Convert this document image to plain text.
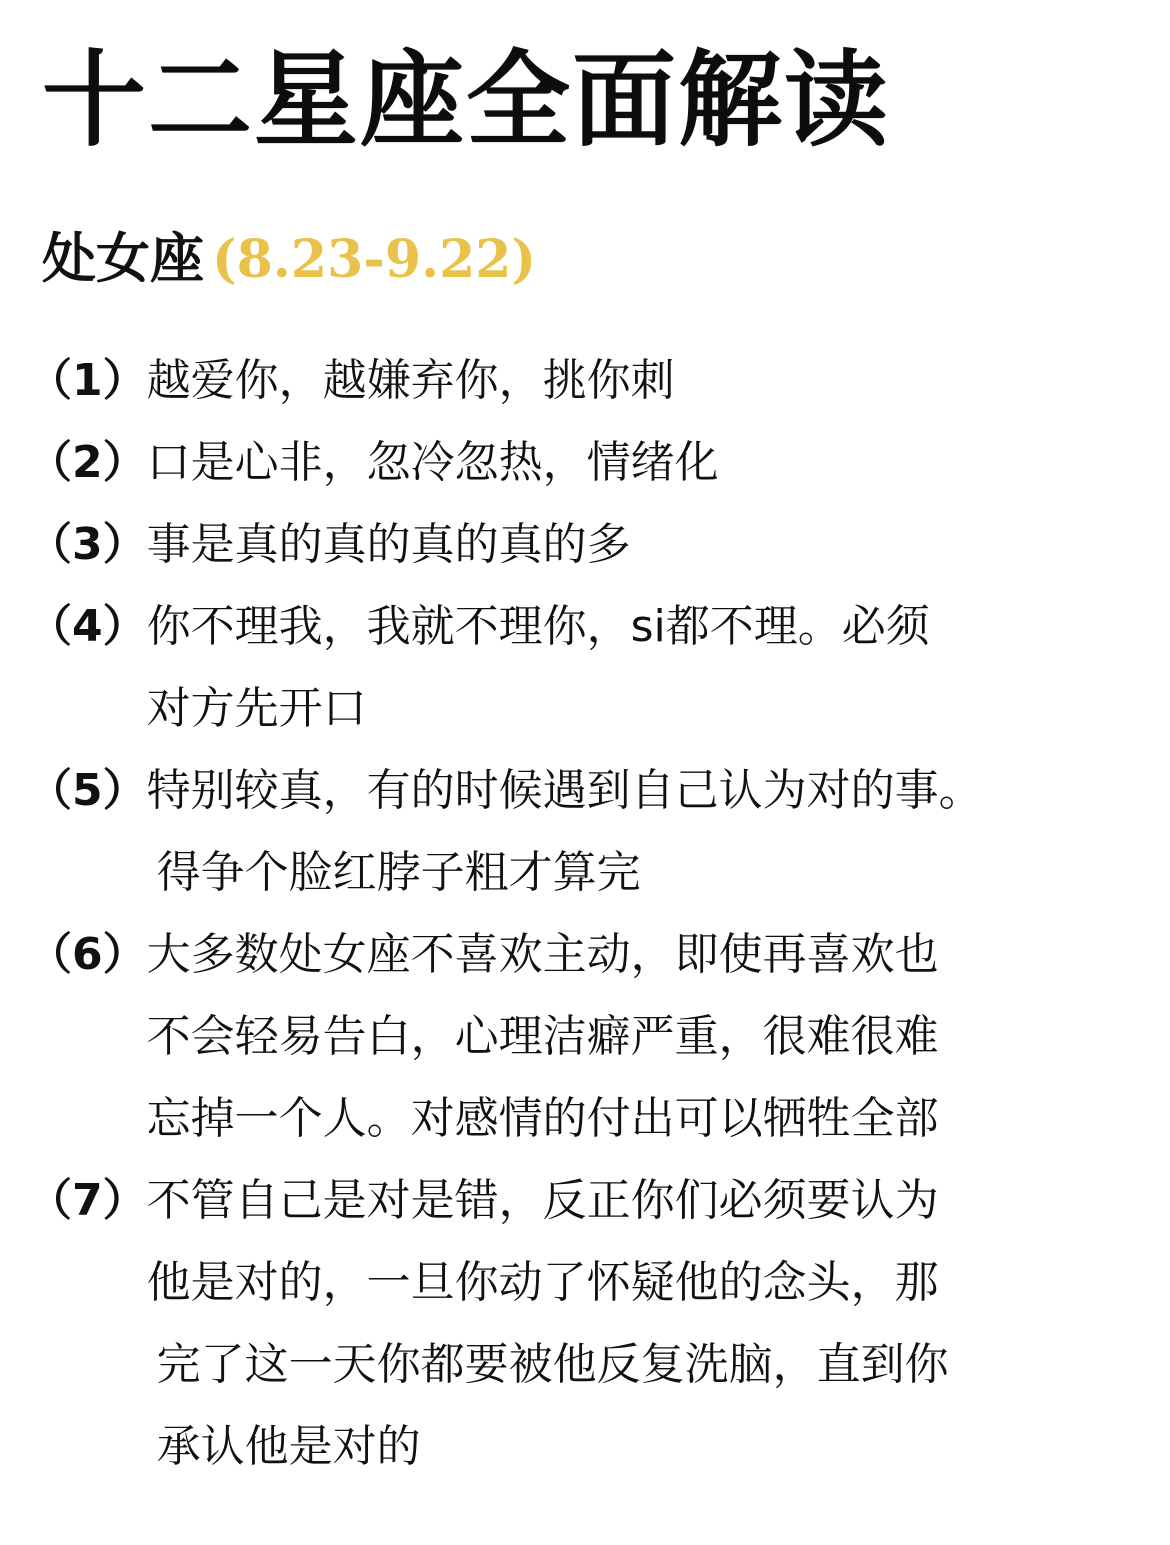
十二星座全面解读
处女座 (8.23-9.22)
（1） 越爱你，越嫌弃你，挑你刺
（2） 口是心非，忽冷忽热，情绪化
（3） 事是真的真的真的真的多
（4） 你不理我，我就不理你，si都不理。必须
对方先开口
（5） 特别较真，有的时候遇到自己认为对的事。
得争个脸红脖子粗才算完
（6） 大多数处女座不喜欢主动，即使再喜欢也
不会轻易告白，心理洁癖严重，很难很难
忘掉一个人。对感情的付出可以牺牲全部
（7） 不管自己是对是错，反正你们必须要认为
他是对的，一旦你动了怀疑他的念头，那
完了这一天你都要被他反复洗脑，直到你
承认他是对的
